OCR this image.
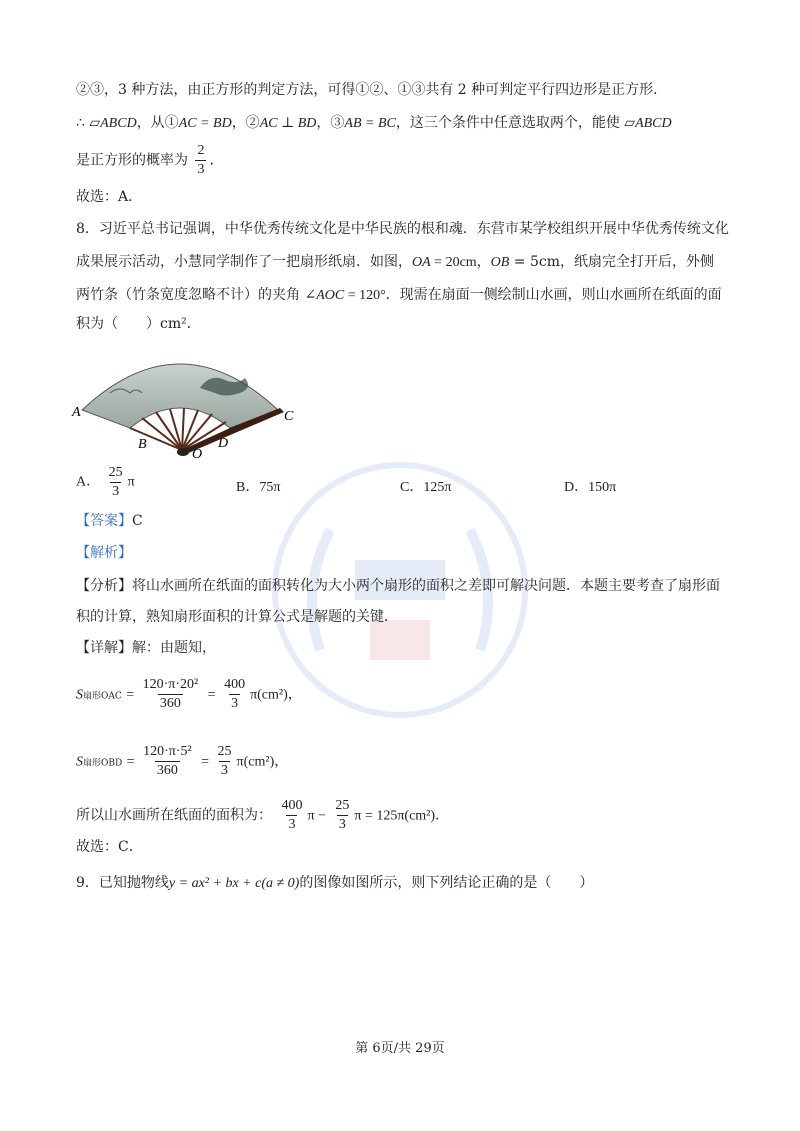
②③，3 种方法，由正方形的判定方法，可得①②、①③共有 2 种可判定平行四边形是正方形．
∴ ▱ABCD，从①AC = BD，②AC ⊥ BD，③AB = BC，这三个条件中任意选取两个，能使 ▱ABCD
是正方形的概率为 $\frac{2}{3}$ ．
故选：A．
8．习近平总书记强调，中华优秀传统文化是中华民族的根和魂．东营市某学校组织开展中华优秀传统文化
成果展示活动，小慧同学制作了一把扇形纸扇．如图，OA = 20cm，OB = 5cm，纸扇完全打开后，外侧
两竹条（竹条宽度忽略不计）的夹角 ∠AOC = 120°．现需在扇面一侧绘制山水画，则山水画所在纸面的面
积为（　　）cm²．
A
B
C
D
O
A． $\frac{25}{3}$ π	B．75π	C．125π	D．150π
【答案】C
【解析】
【分析】将山水画所在纸面的面积转化为大小两个扇形的面积之差即可解决问题．本题主要考查了扇形面
积的计算，熟知扇形面积的计算公式是解题的关键．
【详解】解：由题知，
S扇形OAC = $\frac{\text{120·π·20²}}{360} = \frac{400}{3} \pi(cm^2)$，
S扇形OBD = $\frac{\text{120·π·5²}}{360} = \frac{25}{3} \pi(cm^2)$，
所以山水画所在纸面的面积为： $\frac{400}{3}$ $\pi - \frac{25}{3}$ π = 125π(cm²)．
故选：C．
9．已知抛物线y = ax² + bx + c(a ≠ 0)的图像如图所示，则下列结论正确的是（　　）
第 6页/共 29页
